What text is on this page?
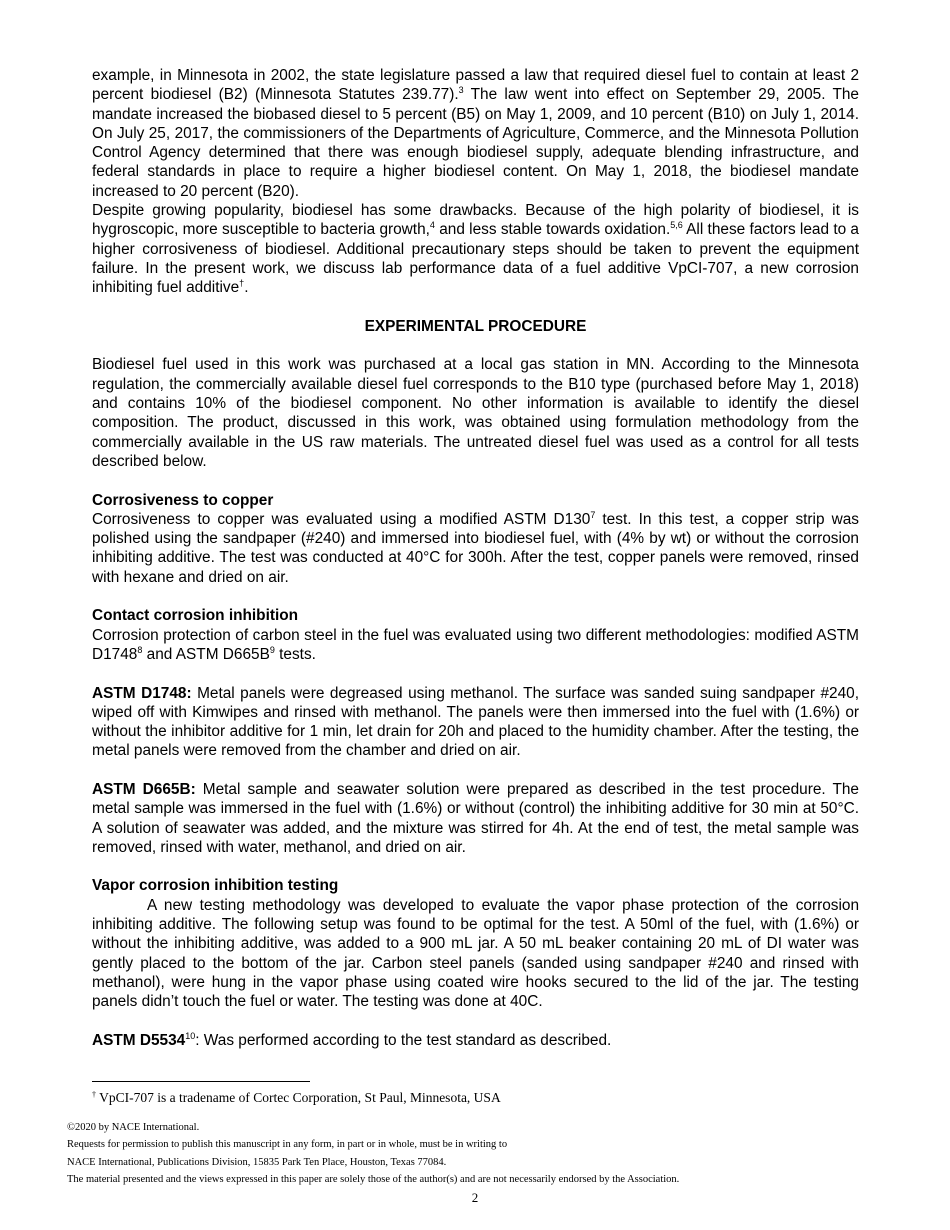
example, in Minnesota in 2002, the state legislature passed a law that required diesel fuel to contain at least 2 percent biodiesel (B2) (Minnesota Statutes 239.77).$^3$ The law went into effect on September 29, 2005. The mandate increased the biobased diesel to 5 percent (B5) on May 1, 2009, and 10 percent (B10) on July 1, 2014. On July 25, 2017, the commissioners of the Departments of Agriculture, Commerce, and the Minnesota Pollution Control Agency determined that there was enough biodiesel supply, adequate blending infrastructure, and federal standards in place to require a higher biodiesel content. On May 1, 2018, the biodiesel mandate increased to 20 percent (B20).

Despite growing popularity, biodiesel has some drawbacks. Because of the high polarity of biodiesel, it is hygroscopic, more susceptible to bacteria growth,$^4$ and less stable towards oxidation.$^{5,6}$ All these factors lead to a higher corrosiveness of biodiesel. Additional precautionary steps should be taken to prevent the equipment failure. In the present work, we discuss lab performance data of a fuel additive VpCI-707, a new corrosion inhibiting fuel additive†.

EXPERIMENTAL PROCEDURE

Biodiesel fuel used in this work was purchased at a local gas station in MN. According to the Minnesota regulation, the commercially available diesel fuel corresponds to the B10 type (purchased before May 1, 2018) and contains 10% of the biodiesel component. No other information is available to identify the diesel composition. The product, discussed in this work, was obtained using formulation methodology from the commercially available in the US raw materials. The untreated diesel fuel was used as a control for all tests described below.

Corrosiveness to copper

Corrosiveness to copper was evaluated using a modified ASTM $D130^7$ test. In this test, a copper strip was polished using the sandpaper (#240) and immersed into biodiesel fuel, with (4% by wt) or without the corrosion inhibiting additive. The test was conducted at 40°C for 300h. After the test, copper panels were removed, rinsed with hexane and dried on air.

Contact corrosion inhibition

Corrosion protection of carbon steel in the fuel was evaluated using two different methodologies: modified ASTM D1748$^8$ and ASTM $D665B^9$ tests.

ASTM D1748: Metal panels were degreased using methanol. The surface was sanded suing sandpaper #240, wiped off with Kimwipes and rinsed with methanol. The panels were then immersed into the fuel with (1.6%) or without the inhibitor additive for 1 min, let drain for 20h and placed to the humidity chamber. After the testing, the metal panels were removed from the chamber and dried on air.

ASTM D665B: Metal sample and seawater solution were prepared as described in the test procedure. The metal sample was immersed in the fuel with (1.6%) or without (control) the inhibiting additive for 30 min at 50°C. A solution of seawater was added, and the mixture was stirred for 4h. At the end of test, the metal sample was removed, rinsed with water, methanol, and dried on air.

Vapor corrosion inhibition testing

A new testing methodology was developed to evaluate the vapor phase protection of the corrosion inhibiting additive. The following setup was found to be optimal for the test. A 50ml of the fuel, with (1.6%) or without the inhibiting additive, was added to a 900 mL jar. A 50 mL beaker containing 20 mL of DI water was gently placed to the bottom of the jar. Carbon steel panels (sanded using sandpaper #240 and rinsed with methanol), were hung in the vapor phase using coated wire hooks secured to the lid of the jar. The testing panels didn’t touch the fuel or water. The testing was done at 40C.

ASTM D5534$^{10}$: Was performed according to the test standard as described.

† VpCI-707 is a tradename of Cortec Corporation, St Paul, Minnesota, USA
©2020 by NACE International.
Requests for permission to publish this manuscript in any form, in part or in whole, must be in writing to
NACE International, Publications Division, 15835 Park Ten Place, Houston, Texas 77084.
The material presented and the views expressed in this paper are solely those of the author(s) and are not necessarily endorsed by the Association.
2
